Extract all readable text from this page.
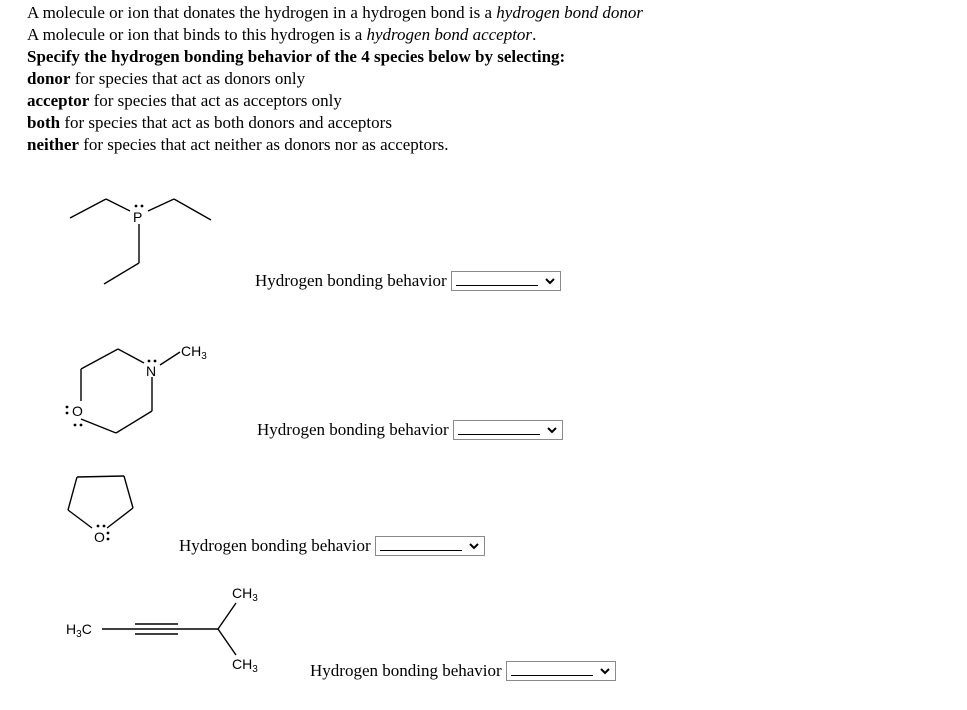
A molecule or ion that donates the hydrogen in a hydrogen bond is a hydrogen bond donor
A molecule or ion that binds to this hydrogen is a hydrogen bond acceptor.
Specify the hydrogen bonding behavior of the 4 species below by selecting:
donor for species that act as donors only
acceptor for species that act as acceptors only
both for species that act as both donors and acceptors
neither for species that act neither as donors nor as acceptors.
P
N
$CH_3$
O
O
$H_3C$
$CH_3$
$CH_3$
Hydrogen bonding behavior
Hydrogen bonding behavior
Hydrogen bonding behavior
Hydrogen bonding behavior
